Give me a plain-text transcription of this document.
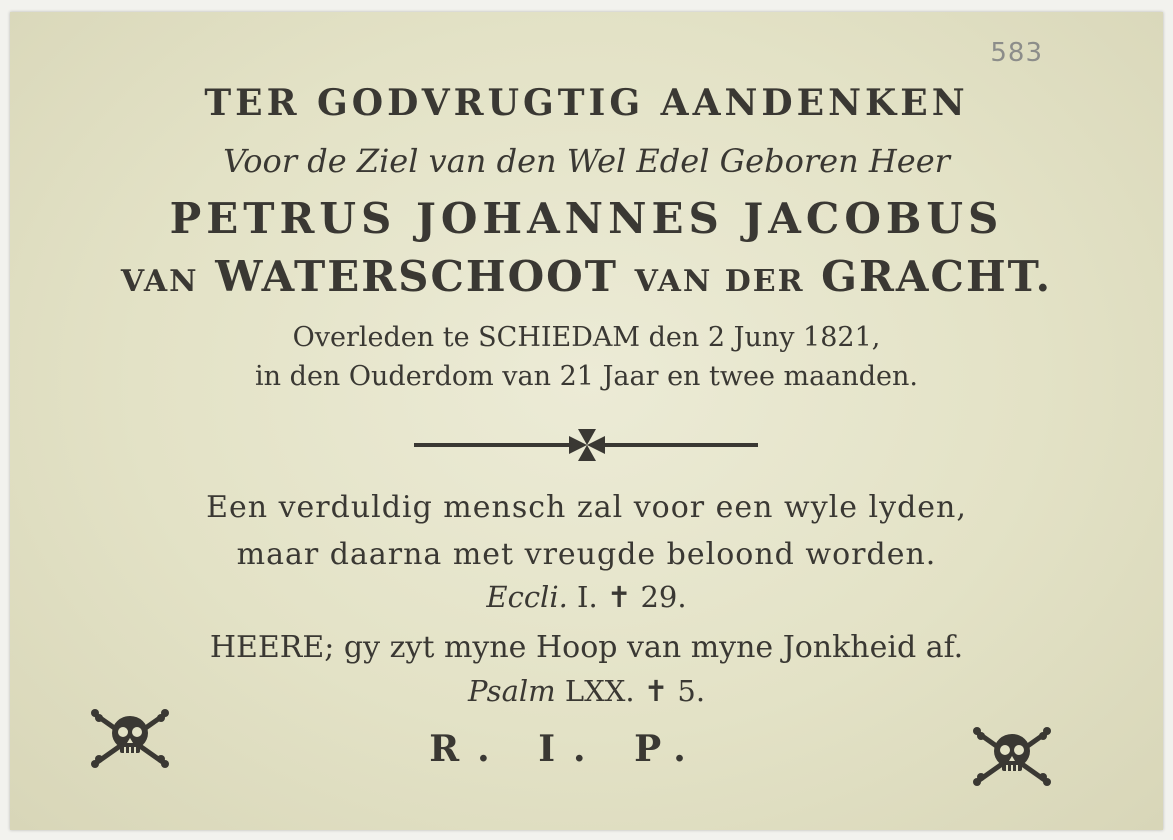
583
TER GODVRUGTIG AANDENKEN
Voor de Ziel van den Wel Edel Geboren Heer
PETRUS JOHANNES JACOBUS
VAN WATERSCHOOT VAN DER GRACHT.
Overleden te SCHIEDAM den 2 Juny 1821,
in den Ouderdom van 21 Jaar en twee maanden.
Een verduldig mensch zal voor een wyle lyden,
maar daarna met vreugde beloond worden.
Eccli. I. ✝ 29.
HEERE; gy zyt myne Hoop van myne Jonkheid af.
Psalm LXX. ✝ 5.
R. I. P.
